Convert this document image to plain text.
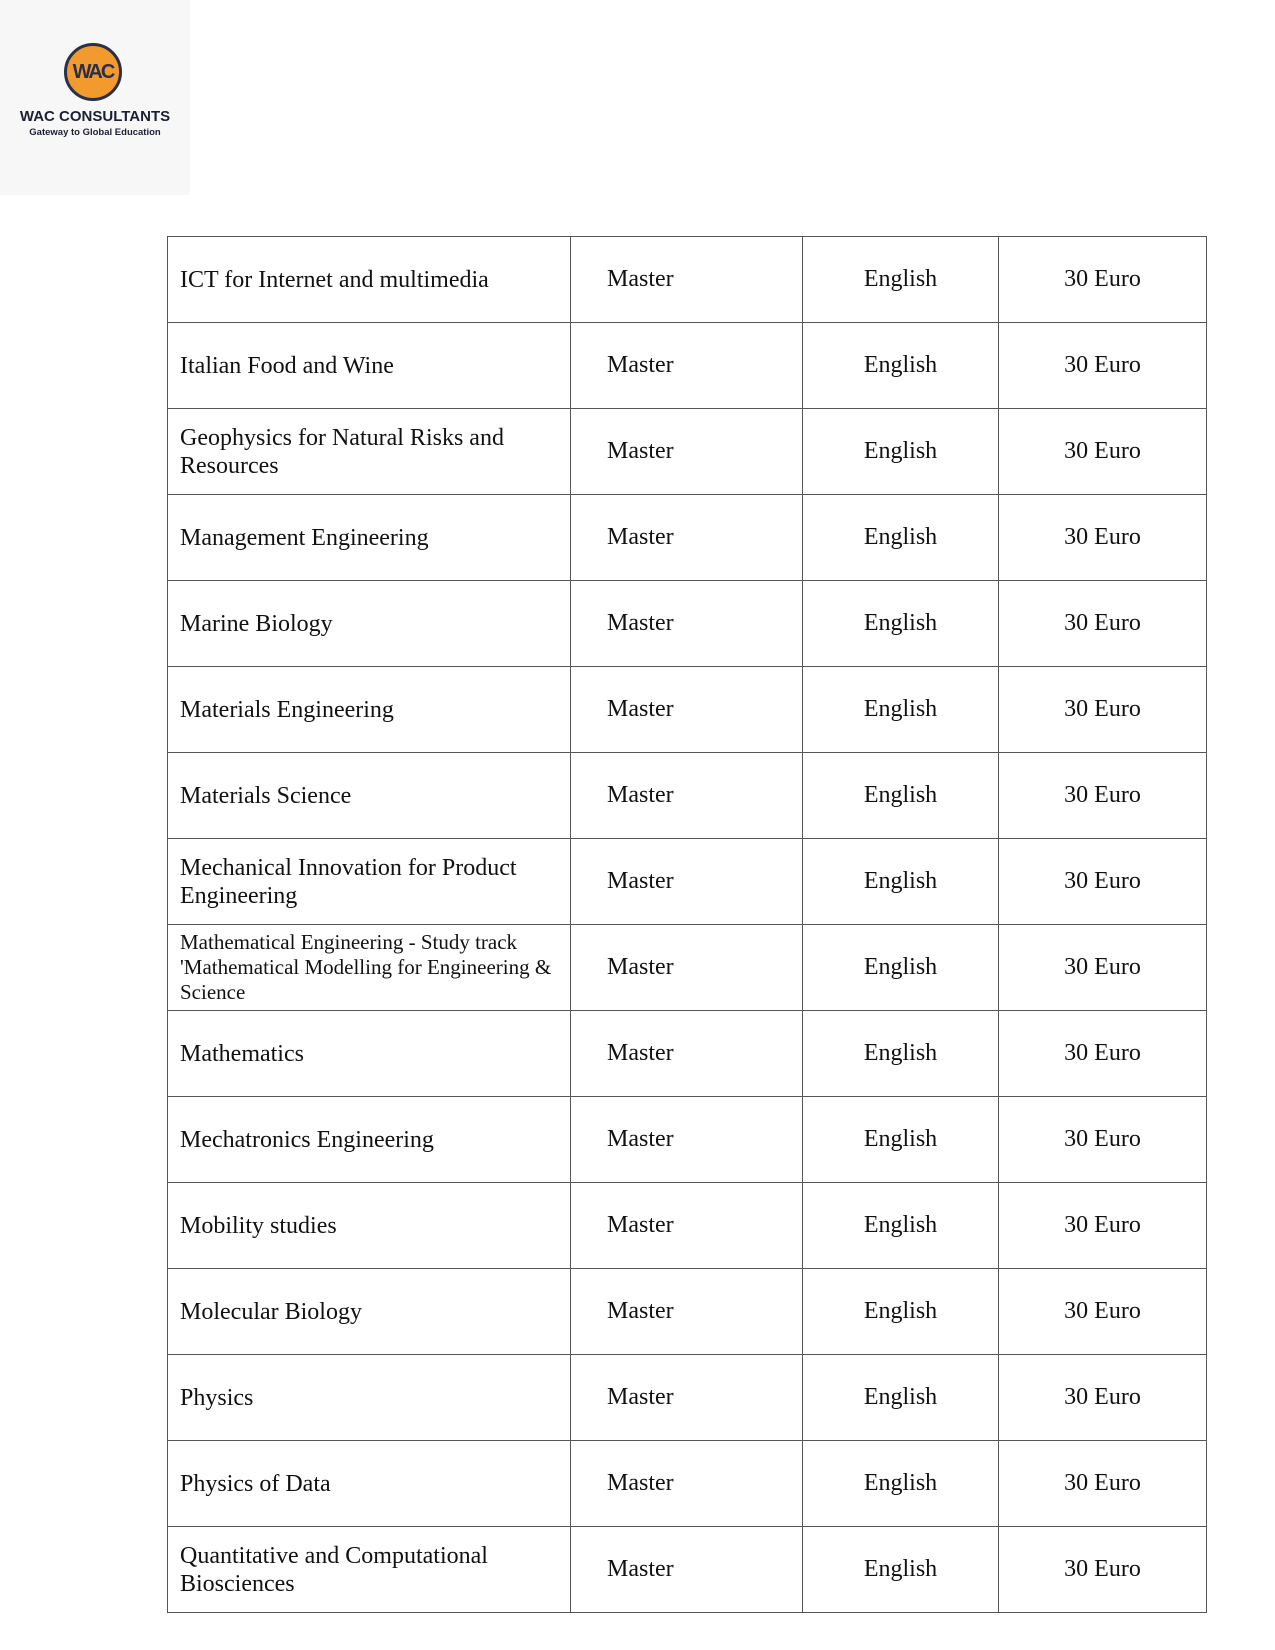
WAC
WAC CONSULTANTS
Gateway to Global Education
ICT for Internet and multimedia	Master	English	30 Euro
Italian Food and Wine	Master	English	30 Euro
Geophysics for Natural Risks and Resources	Master	English	30 Euro
Management Engineering	Master	English	30 Euro
Marine Biology	Master	English	30 Euro
Materials Engineering	Master	English	30 Euro
Materials Science	Master	English	30 Euro
Mechanical Innovation for Product Engineering	Master	English	30 Euro
Mathematical Engineering - Study track 'Mathematical Modelling for Engineering & Science	Master	English	30 Euro
Mathematics	Master	English	30 Euro
Mechatronics Engineering	Master	English	30 Euro
Mobility studies	Master	English	30 Euro
Molecular Biology	Master	English	30 Euro
Physics	Master	English	30 Euro
Physics of Data	Master	English	30 Euro
Quantitative and Computational Biosciences	Master	English	30 Euro
